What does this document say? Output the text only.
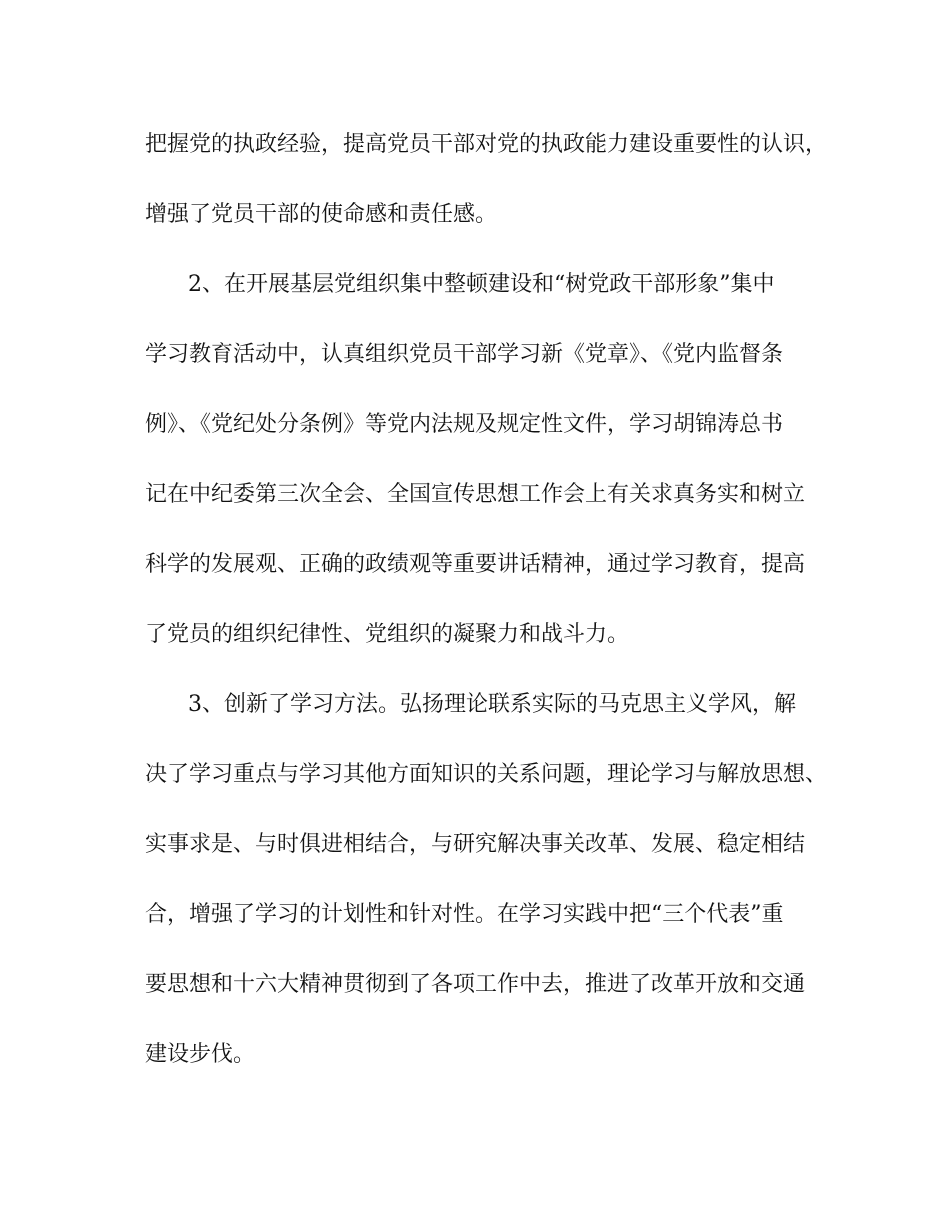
把握党的执政经验，提高党员干部对党的执政能力建设重要性的认识，

增强了党员干部的使命感和责任感。

2、在开展基层党组织集中整顿建设和“树党政干部形象”集中

学习教育活动中，认真组织党员干部学习新《党章》、《党内监督条

例》、《党纪处分条例》等党内法规及规定性文件，学习胡锦涛总书

记在中纪委第三次全会、全国宣传思想工作会上有关求真务实和树立

科学的发展观、正确的政绩观等重要讲话精神，通过学习教育，提高

了党员的组织纪律性、党组织的凝聚力和战斗力。

3、创新了学习方法。弘扬理论联系实际的马克思主义学风，解

决了学习重点与学习其他方面知识的关系问题，理论学习与解放思想、

实事求是、与时俱进相结合，与研究解决事关改革、发展、稳定相结

合，增强了学习的计划性和针对性。在学习实践中把“三个代表”重

要思想和十六大精神贯彻到了各项工作中去，推进了改革开放和交通

建设步伐。
